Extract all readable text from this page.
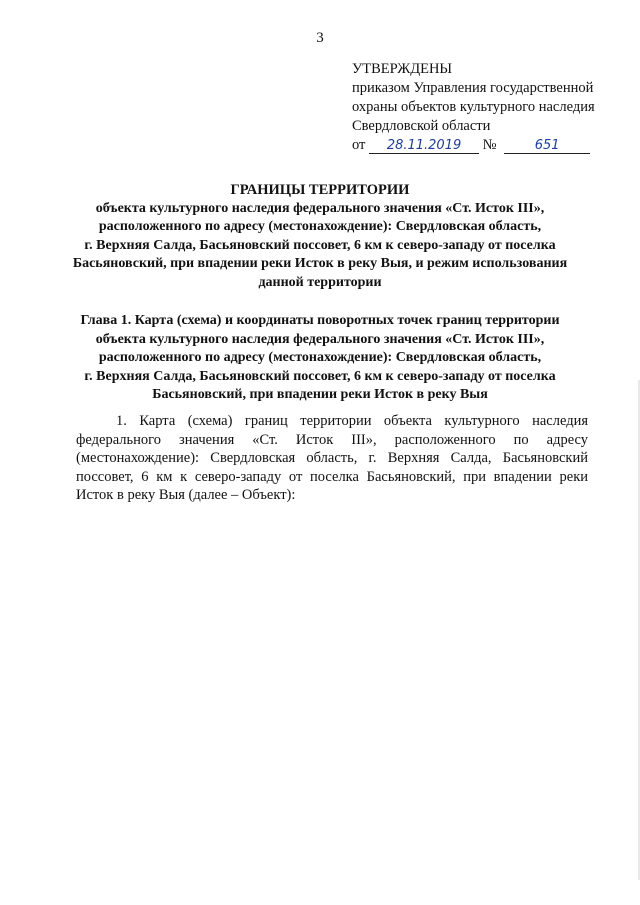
3
УТВЕРЖДЕНЫ
приказом Управления государственной
охраны объектов культурного наследия
Свердловской области
от 28.11.2019 №	651
ГРАНИЦЫ ТЕРРИТОРИИ
объекта культурного наследия федерального значения «Ст. Исток III»,
расположенного по адресу (местонахождение): Свердловская область,
г. Верхняя Салда, Басьяновский поссовет, 6 км к северо-западу от поселка
Басьяновский, при впадении реки Исток в реку Выя, и режим использования
данной территории
Глава 1. Карта (схема) и координаты поворотных точек границ территории
объекта культурного наследия федерального значения «Ст. Исток III»,
расположенного по адресу (местонахождение): Свердловская область,
г. Верхняя Салда, Басьяновский поссовет, 6 км к северо-западу от поселка
Басьяновский, при впадении реки Исток в реку Выя
1. Карта (схема) границ территории объекта культурного наследия федерального значения «Ст. Исток III», расположенного по адресу (местонахождение): Свердловская область, г. Верхняя Салда, Басьяновский поссовет, 6 км к северо-западу от поселка Басьяновский, при впадении реки Исток в реку Выя (далее – Объект):
